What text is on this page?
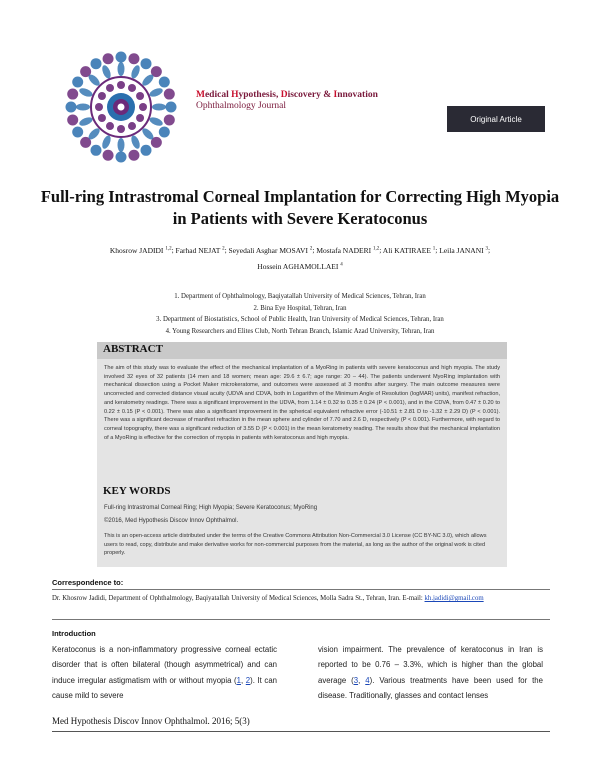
Medical Hypothesis, Discovery & Innovation
Ophthalmology Journal
Original Article
Full-ring Intrastromal Corneal Implantation for Correcting High Myopia in Patients with Severe Keratoconus
Khosrow JADIDI $^{1,2}$; Farhad NEJAT $^2$; Seyedali Asghar MOSAVI $^2$; Mostafa NADERI $^{1,2}$; Ali KATIRAEE $^1$; Leila JANANI $^3$;
Hossein AGHAMOLLAEI $^4$
1. Department of Ophthalmology, Baqiyatallah University of Medical Sciences, Tehran, Iran
2. Bina Eye Hospital, Tehran, Iran
3. Department of Biostatistics, School of Public Health, Iran University of Medical Sciences, Tehran, Iran
4. Young Researchers and Elites Club, North Tehran Branch, Islamic Azad University, Tehran, Iran
ABSTRACT
The aim of this study was to evaluate the effect of the mechanical implantation of a MyoRing in patients with severe keratoconus and high myopia. The study involved 32 eyes of 32 patients (14 men and 18 women; mean age: 29.6 ± 6.7; age range: 20 – 44). The patients underwent MyoRing implantation with mechanical dissection using a Pocket Maker microkeratome, and outcomes were assessed at 3 months after surgery. The main outcome measures were uncorrected and corrected distance visual acuity (UDVA and CDVA, both in Logarithm of the Minimum Angle of Resolution (logMAR) units), manifest refraction, and keratometry readings. There was a significant improvement in the UDVA, from 1.14 ± 0.32 to 0.35 ± 0.24 (P < 0.001), and in the CDVA, from 0.47 ± 0.20 to 0.22 ± 0.15 (P < 0.001). There was also a significant improvement in the spherical equivalent refractive error (-10.51 ± 2.81 D to -1.32 ± 2.29 D) (P < 0.001). There was a significant decrease of manifest refraction in the mean sphere and cylinder of 7.70 and 2.6 D, respectively (P < 0.001). Furthermore, with regard to corneal topography, there was a significant reduction of 3.55 D (P < 0.001) in the mean keratometry reading. The results show that the mechanical implantation of a MyoRing is effective for the correction of myopia in patients with keratoconus and high myopia.
KEY WORDS
Full-ring Intrastromal Corneal Ring; High Myopia; Severe Keratoconus; MyoRing
©2016, Med Hypothesis Discov Innov Ophthalmol.
This is an open-access article distributed under the terms of the Creative Commons Attribution Non-Commercial 3.0 License (CC BY-NC 3.0), which allows users to read, copy, distribute and make derivative works for non-commercial purposes from the material, as long as the author of the original work is cited properly.
Correspondence to:
Dr. Khosrow Jadidi, Department of Ophthalmology, Baqiyatallah University of Medical Sciences, Molla Sadra St., Tehran, Iran. E-mail: kh.jadidi@gmail.com
Introduction
Keratoconus is a non-inflammatory progressive corneal ectatic disorder that is often bilateral (though asymmetrical) and can induce irregular astigmatism with or without myopia (1, 2). It can cause mild to severe
vision impairment. The prevalence of keratoconus in Iran is reported to be 0.76 – 3.3%, which is higher than the global average (3, 4). Various treatments have been used for the disease. Traditionally, glasses and contact lenses
Med Hypothesis Discov Innov Ophthalmol. 2016; 5(3)
